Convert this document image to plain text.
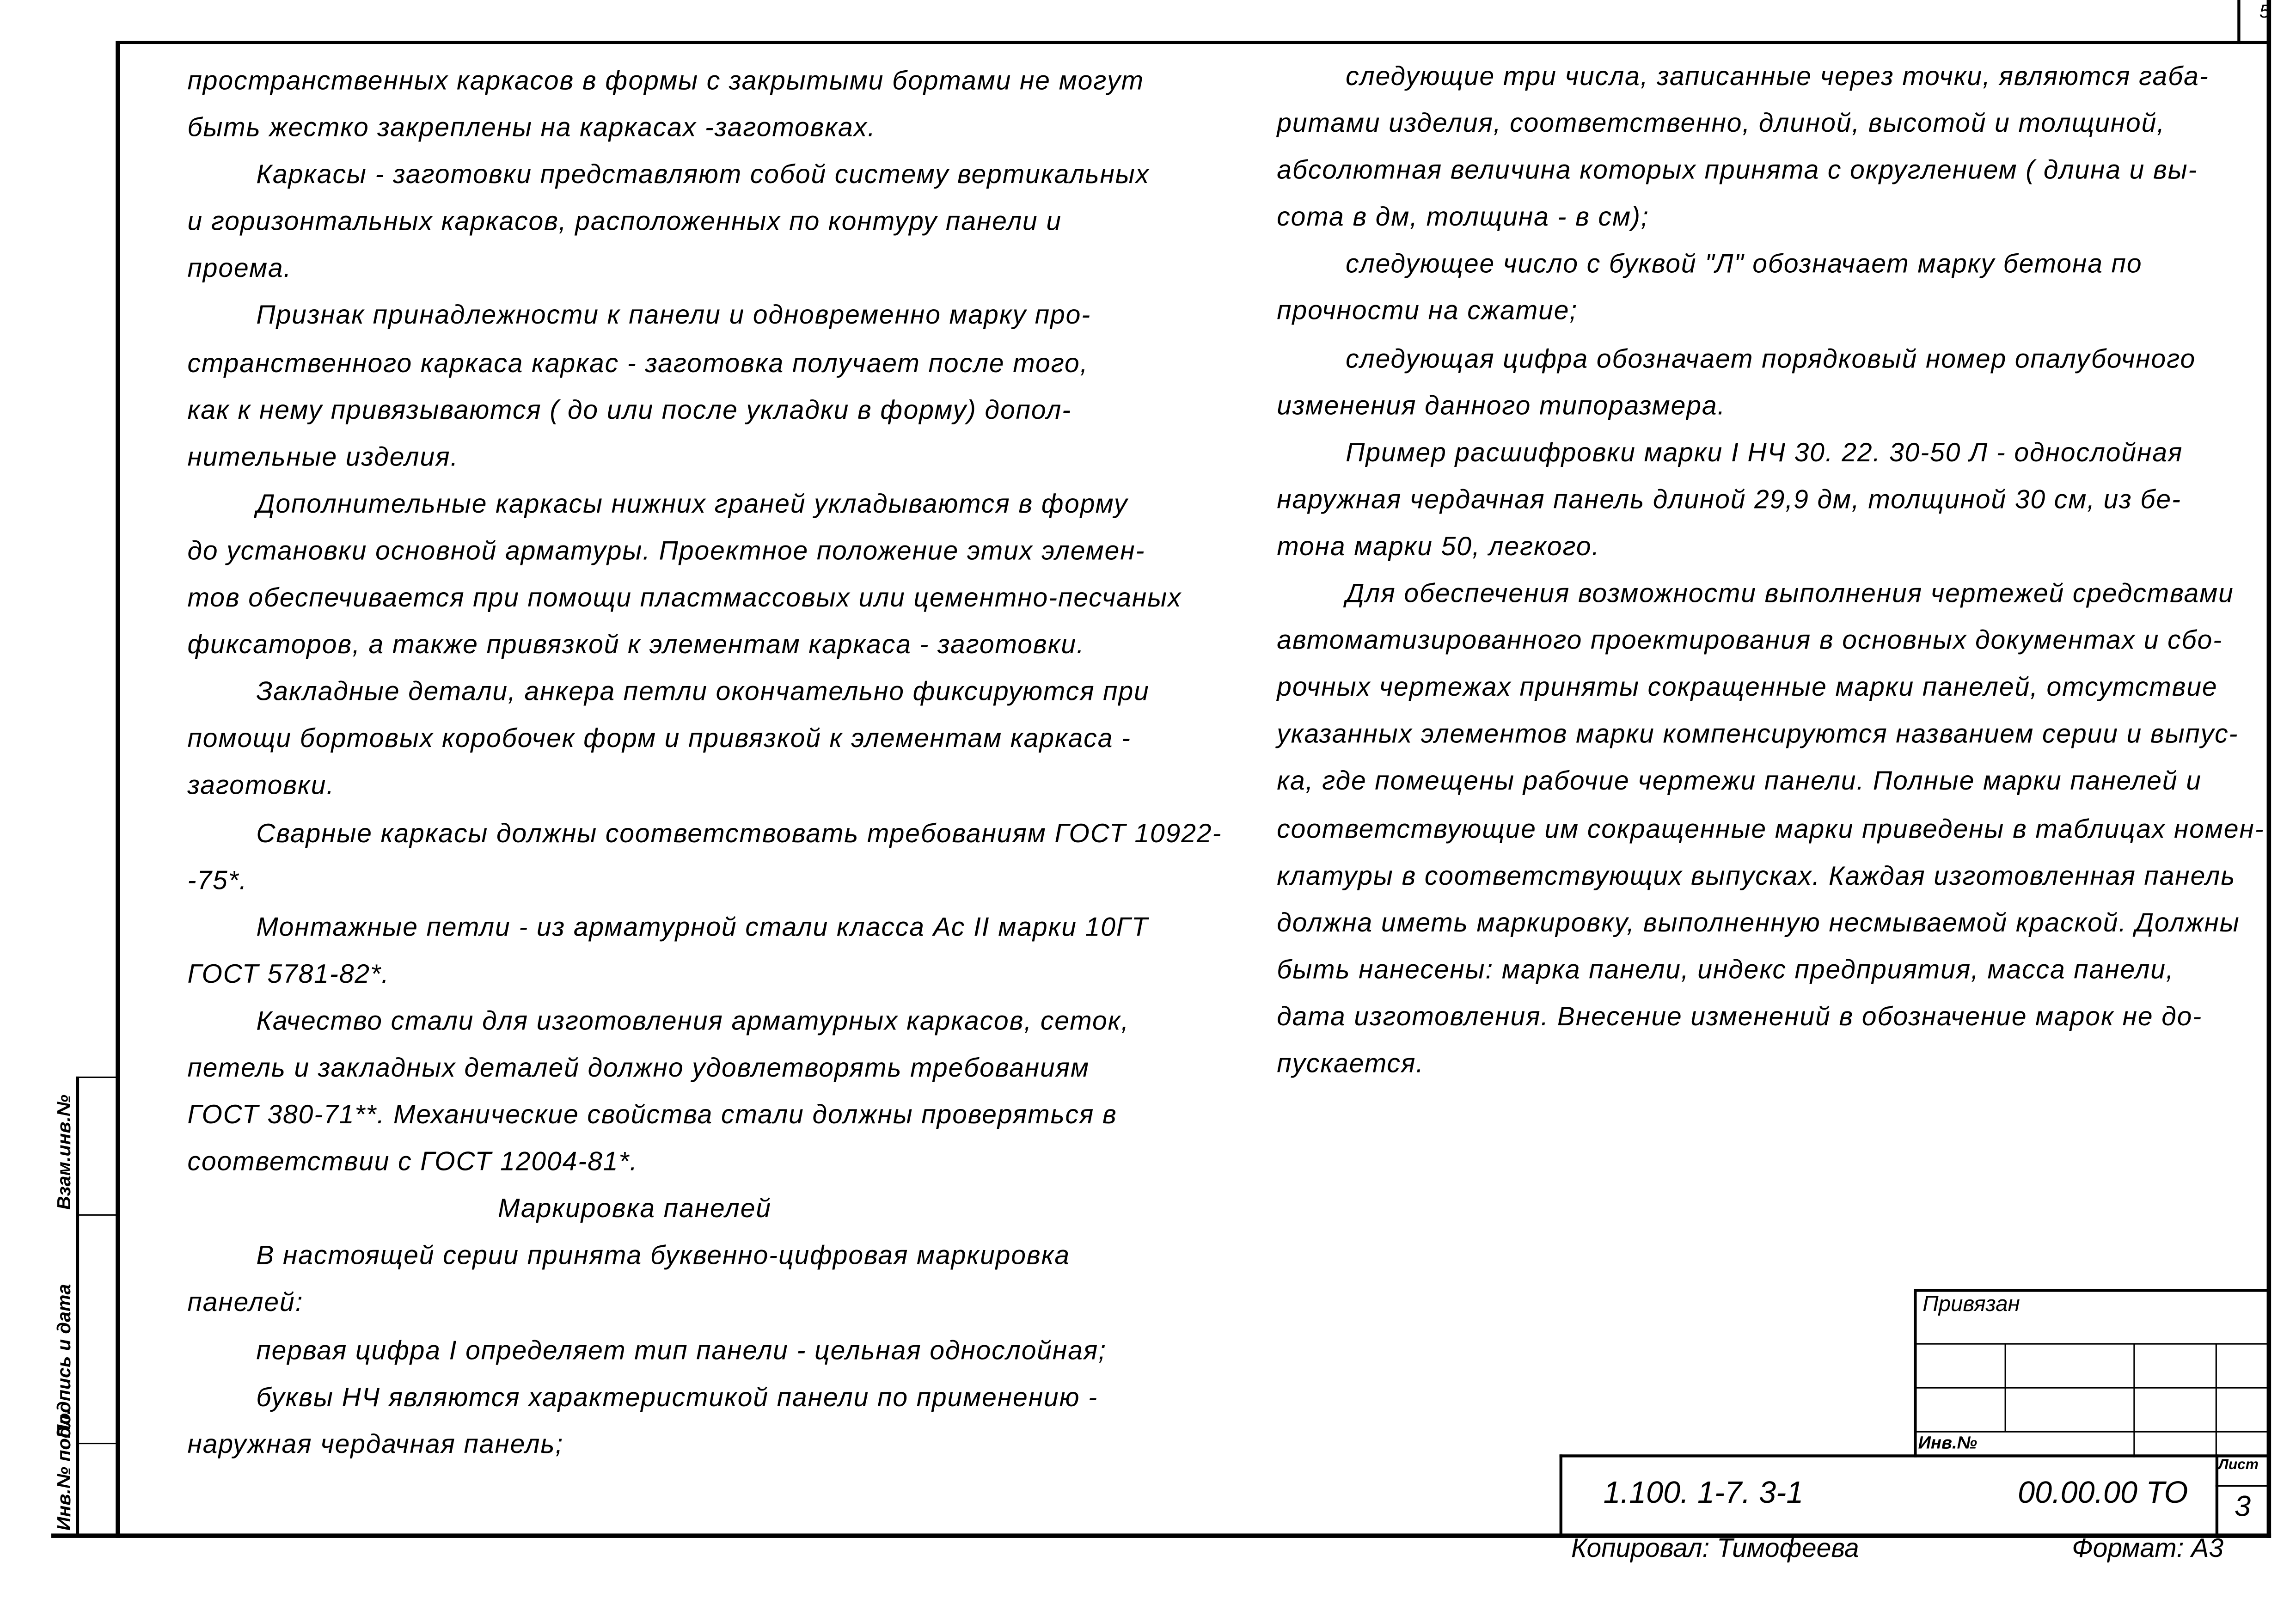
5
пространственных каркасов в формы с закрытыми бортами не могут
быть жестко закреплены на каркасах -заготовках.
Каркасы - заготовки представляют собой систему вертикальных
и горизонтальных каркасов, расположенных по контуру панели и
проема.
Признак принадлежности к панели и одновременно марку про-
странственного каркаса каркас - заготовка получает после того,
как к нему привязываются ( до или после укладки в форму) допол-
нительные изделия.
Дополнительные каркасы нижних граней укладываются в форму
до установки основной арматуры. Проектное положение этих элемен-
тов обеспечивается при помощи пластмассовых или цементно-песчаных
фиксаторов, а также привязкой к элементам каркаса - заготовки.
Закладные детали, анкера петли окончательно фиксируются при
помощи бортовых коробочек форм и привязкой к элементам каркаса -
заготовки.
Сварные каркасы должны соответствовать требованиям ГОСТ 10922-
-75*.
Монтажные петли - из арматурной стали класса Ас II марки 10ГТ
ГОСТ 5781-82*.
Качество стали для изготовления арматурных каркасов, сеток,
петель и закладных деталей должно удовлетворять требованиям
ГОСТ 380-71**. Механические свойства стали должны проверяться в
соответствии с ГОСТ 12004-81*.
Маркировка панелей
В настоящей серии принята буквенно-цифровая маркировка
панелей:
первая цифра I определяет тип панели - цельная однослойная;
буквы НЧ являются характеристикой панели по применению -
наружная чердачная панель;
следующие три числа, записанные через точки, являются габа-
ритами изделия, соответственно, длиной, высотой и толщиной,
абсолютная величина которых принята с округлением ( длина и вы-
сота в дм, толщина - в см);
следующее число с буквой "Л" обозначает марку бетона по
прочности на сжатие;
следующая цифра обозначает порядковый номер опалубочного
изменения данного типоразмера.
Пример расшифровки марки I НЧ 30. 22. 30-50 Л - однослойная
наружная чердачная панель длиной 29,9 дм, толщиной 30 см, из бе-
тона марки 50, легкого.
Для обеспечения возможности выполнения чертежей средствами
автоматизированного проектирования в основных документах и сбо-
рочных чертежах приняты сокращенные марки панелей, отсутствие
указанных элементов марки компенсируются названием серии и выпус-
ка, где помещены рабочие чертежи панели. Полные марки панелей и
соответствующие им сокращенные марки приведены в таблицах номен-
клатуры в соответствующих выпусках. Каждая изготовленная панель
должна иметь маркировку, выполненную несмываемой краской. Должны
быть нанесены: марка панели, индекс предприятия, масса панели,
дата изготовления. Внесение изменений в обозначение марок не до-
пускается.
Инв.№ подл.
Подпись и дата
Взам.инв.№
Привязан
Инв.№
1.100. 1-7. 3-1	00.00.00 ТО
Лист
3
Копировал: Тимофеева	Формат: А3
